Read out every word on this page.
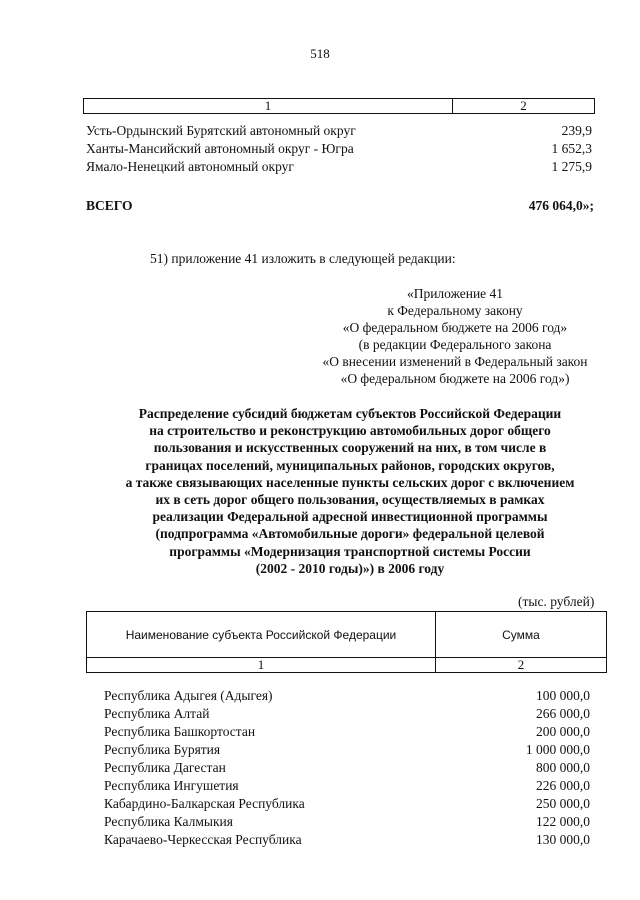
518
1	2
Усть-Ордынский Бурятский автономный округ	239,9
Ханты-Мансийский автономный округ - Югра	1 652,3
Ямало-Ненецкий автономный округ	1 275,9
ВСЕГО	476 064,0»;
51) приложение 41 изложить в следующей редакции:
«Приложение 41
к Федеральному закону
«О федеральном бюджете на 2006 год»
(в редакции Федерального закона
«О внесении изменений в Федеральный закон
«О федеральном бюджете на 2006 год»)
Распределение субсидий бюджетам субъектов Российской Федерации
на строительство и реконструкцию автомобильных дорог общего
пользования и искусственных сооружений на них, в том числе в
границах поселений, муниципальных районов, городских округов,
а также связывающих населенные пункты сельских дорог с включением
их в сеть дорог общего пользования, осуществляемых в рамках
реализации Федеральной адресной инвестиционной программы
(подпрограмма «Автомобильные дороги» федеральной целевой
программы «Модернизация транспортной системы России
(2002 - 2010 годы)») в 2006 году
(тыс. рублей)
Наименование субъекта Российской Федерации	Сумма
1	2
Республика Адыгея (Адыгея)	100 000,0
Республика Алтай	266 000,0
Республика Башкортостан	200 000,0
Республика Бурятия	1 000 000,0
Республика Дагестан	800 000,0
Республика Ингушетия	226 000,0
Кабардино-Балкарская Республика	250 000,0
Республика Калмыкия	122 000,0
Карачаево-Черкесская Республика	130 000,0
